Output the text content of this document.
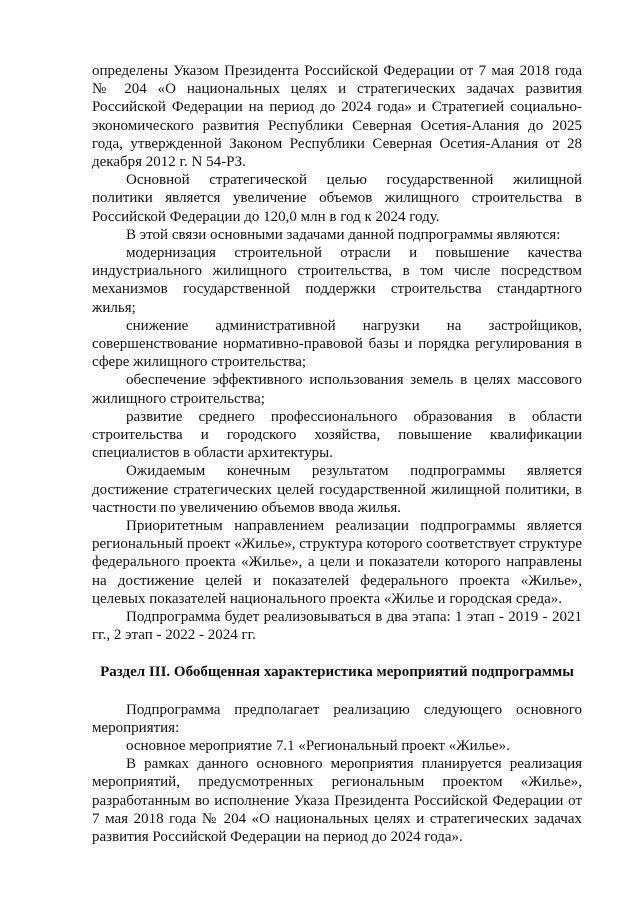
определены Указом Президента Российской Федерации от 7 мая 2018 года № 204 «О национальных целях и стратегических задачах развития Российской Федерации на период до 2024 года» и Стратегией социально-экономического развития Республики Северная Осетия-Алания до 2025 года, утвержденной Законом Республики Северная Осетия-Алания от 28 декабря 2012 г. N 54-РЗ.

Основной стратегической целью государственной жилищной политики является увеличение объемов жилищного строительства в Российской Федерации до 120,0 млн в год к 2024 году.

В этой связи основными задачами данной подпрограммы являются:

модернизация строительной отрасли и повышение качества индустриального жилищного строительства, в том числе посредством механизмов государственной поддержки строительства стандартного жилья;

снижение административной нагрузки на застройщиков, совершенствование нормативно-правовой базы и порядка регулирования в сфере жилищного строительства;

обеспечение эффективного использования земель в целях массового жилищного строительства;

развитие среднего профессионального образования в области строительства и городского хозяйства, повышение квалификации специалистов в области архитектуры.

Ожидаемым конечным результатом подпрограммы является достижение стратегических целей государственной жилищной политики, в частности по увеличению объемов ввода жилья.

Приоритетным направлением реализации подпрограммы является региональный проект «Жилье», структура которого соответствует структуре федерального проекта «Жилье», а цели и показатели которого направлены на достижение целей и показателей федерального проекта «Жилье», целевых показателей национального проекта «Жилье и городская среда».

Подпрограмма будет реализовываться в два этапа: 1 этап - 2019 - 2021 гг., 2 этап - 2022 - 2024 гг.

Раздел III. Обобщенная характеристика мероприятий подпрограммы

Подпрограмма предполагает реализацию следующего основного мероприятия:

основное мероприятие 7.1 «Региональный проект «Жилье».

В рамках данного основного мероприятия планируется реализация мероприятий, предусмотренных региональным проектом «Жилье», разработанным во исполнение Указа Президента Российской Федерации от 7 мая 2018 года № 204 «О национальных целях и стратегических задачах развития Российской Федерации на период до 2024 года».
